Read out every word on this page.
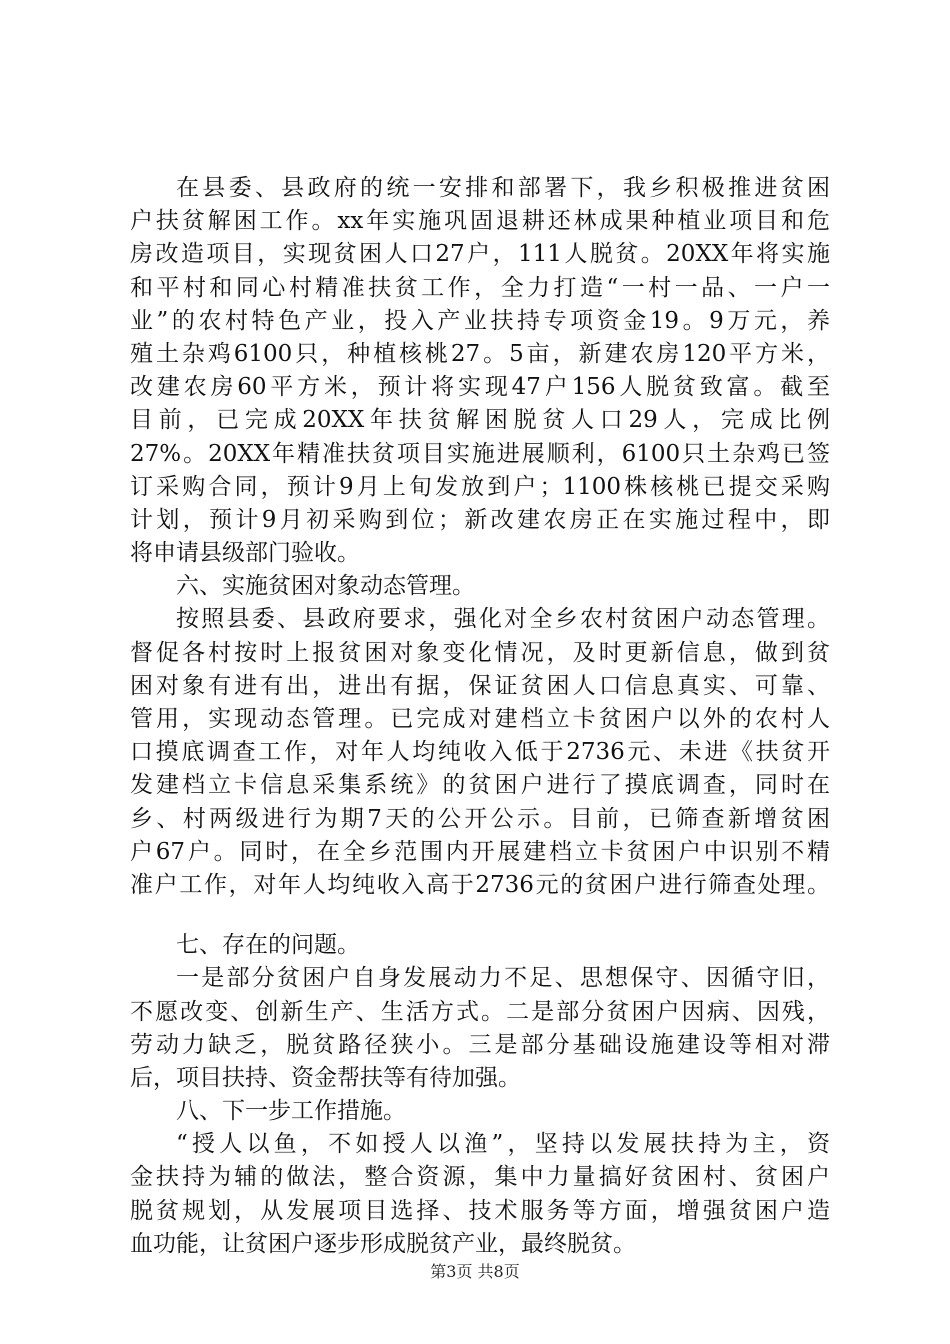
在县委、县政府的统一安排和部署下，我乡积极推进贫困
户扶贫解困工作。xx年实施巩固退耕还林成果种植业项目和危
房改造项目，实现贫困人口27户，111人脱贫。20XX年将实施
和平村和同心村精准扶贫工作，全力打造“一村一品、一户一
业”的农村特色产业，投入产业扶持专项资金19。9万元，养
殖土杂鸡6100只，种植核桃27。5亩，新建农房120平方米，
改建农房60平方米，预计将实现47户156人脱贫致富。截至
目前，已完成20XX年扶贫解困脱贫人口29人，完成比例
27%。20XX年精准扶贫项目实施进展顺利，6100只土杂鸡已签
订采购合同，预计9月上旬发放到户；1100株核桃已提交采购
计划，预计9月初采购到位；新改建农房正在实施过程中，即
将申请县级部门验收。
六、实施贫困对象动态管理。
按照县委、县政府要求，强化对全乡农村贫困户动态管理。
督促各村按时上报贫困对象变化情况，及时更新信息，做到贫
困对象有进有出，进出有据，保证贫困人口信息真实、可靠、
管用，实现动态管理。已完成对建档立卡贫困户以外的农村人
口摸底调查工作，对年人均纯收入低于2736元、未进《扶贫开
发建档立卡信息采集系统》的贫困户进行了摸底调查，同时在
乡、村两级进行为期7天的公开公示。目前，已筛查新增贫困
户67户。同时，在全乡范围内开展建档立卡贫困户中识别不精
准户工作，对年人均纯收入高于2736元的贫困户进行筛查处理。
七、存在的问题。
一是部分贫困户自身发展动力不足、思想保守、因循守旧，
不愿改变、创新生产、生活方式。二是部分贫困户因病、因残，
劳动力缺乏，脱贫路径狭小。三是部分基础设施建设等相对滞
后，项目扶持、资金帮扶等有待加强。
八、下一步工作措施。
“授人以鱼，不如授人以渔”，坚持以发展扶持为主，资
金扶持为辅的做法，整合资源，集中力量搞好贫困村、贫困户
脱贫规划，从发展项目选择、技术服务等方面，增强贫困户造
血功能，让贫困户逐步形成脱贫产业，最终脱贫。
第3页 共8页
